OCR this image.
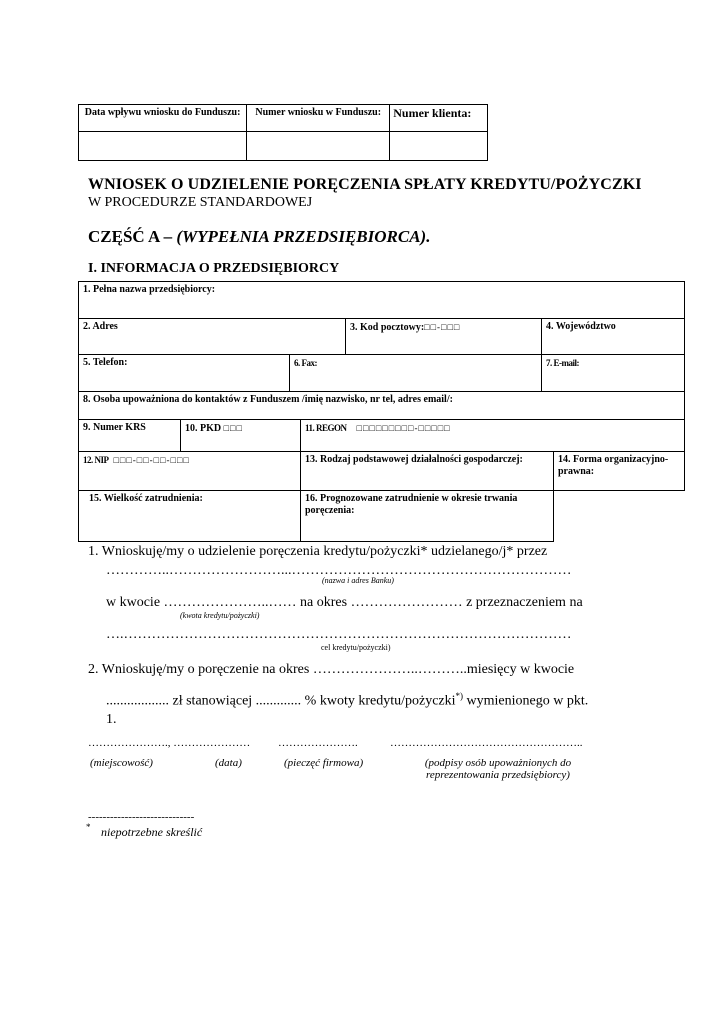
Data wpływu wniosku do Funduszu:	Numer wniosku w Funduszu:	Numer klienta:

WNIOSEK O UDZIELENIE PORĘCZENIA SPŁATY KREDYTU/POŻYCZKI
W PROCEDURZE STANDARDOWEJ
CZĘŚĆ A – (WYPEŁNIA PRZEDSIĘBIORCA).
I. INFORMACJA O PRZEDSIĘBIORCY
1. Pełna nazwa przedsiębiorcy:
2. Adres	3. Kod pocztowy:□□-□□□	4. Województwo
5. Telefon:	6. Fax:	7. E-mail:
8. Osoba upoważniona do kontaktów z Funduszem /imię nazwisko, nr tel, adres email/:
9. Numer KRS	10. PKD □□□	11. REGON □□□□□□□□□-□□□□□
12. NIP □□□-□□-□□-□□□	13. Rodzaj podstawowej działalności gospodarczej:	14. Forma organizacyjno-prawna:
15. Wielkość zatrudnienia:	16. Prognozowane zatrudnienie w okresie trwania poręczenia:
1. Wnioskuję/my o udzielenie poręczenia kredytu/pożyczki* udzielanego/j* przez
…………..……………………...……………………………………………………
(nazwa i adres Banku)
w kwocie …………………..…… na okres …………………… z przeznaczeniem na
(kwota kredytu/pożyczki)
….……………………………………………………………………………………
cel kredytu/pożyczki)
2. Wnioskuję/my o poręczenie na okres …………………..………..miesięcy w kwocie
.................. zł stanowiącej ............. % kwoty kredytu/pożyczki*) wymienionego w pkt.
1.
…………………., …………………	………………….	……………………………………………..
(miejscowość)	(data)	(pieczęć firmowa)	(podpisy osób upoważnionych do
reprezentowania przedsiębiorcy)
-----------------------------
* niepotrzebne skreślić
